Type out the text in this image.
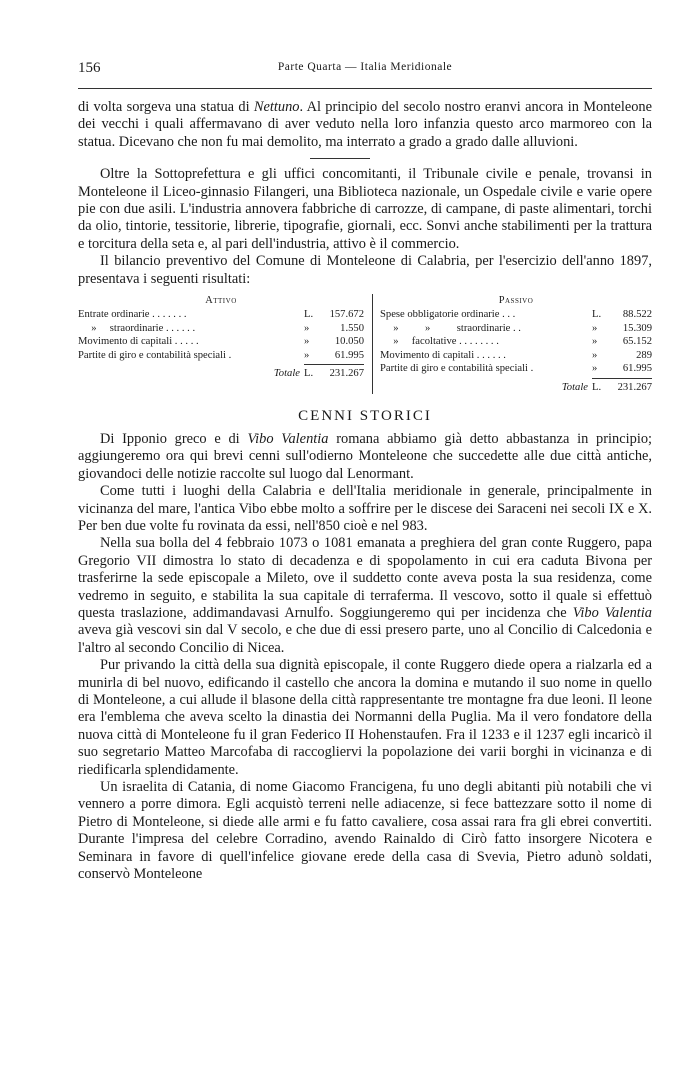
156	Parte Quarta — Italia Meridionale

di volta sorgeva una statua di Nettuno. Al principio del secolo nostro eranvi ancora in Monteleone dei vecchi i quali affermavano di aver veduto nella loro infanzia questo arco marmoreo con la statua. Dicevano che non fu mai demolito, ma interrato a grado a grado dalle alluvioni.

Oltre la Sottoprefettura e gli uffici concomitanti, il Tribunale civile e penale, trovansi in Monteleone il Liceo-ginnasio Filangeri, una Biblioteca nazionale, un Ospedale civile e varie opere pie con due asili. L'industria annovera fabbriche di carrozze, di campane, di paste alimentari, torchi da olio, tintorie, tessitorie, librerie, tipografie, giornali, ecc. Sonvi anche stabilimenti per la trattura e torcitura della seta e, al pari dell'industria, attivo è il commercio.

Il bilancio preventivo del Comune di Monteleone di Calabria, per l'esercizio dell'anno 1897, presentava i seguenti risultati:

Attivo
Entrate ordinarie . . . . . . .	L.	157.672
»     straordinarie . . . . . .	»	1.550
Movimento di capitali . . . . .	»	10.050
Partite di giro e contabilità speciali .	»	61.995
Totale L.	231.267
Passivo
Spese obbligatorie ordinarie . . .	L.	88.522
»          »          straordinarie . .	»	15.309
»     facoltative . . . . . . . .	»	65.152
Movimento di capitali . . . . . .	»	289
Partite di giro e contabilità speciali .	»	61.995
Totale L.	231.267
CENNI STORICI

Di Ipponio greco e di Vibo Valentia romana abbiamo già detto abbastanza in principio; aggiungeremo ora qui brevi cenni sull'odierno Monteleone che succedette alle due città antiche, giovandoci delle notizie raccolte sul luogo dal Lenormant.

Come tutti i luoghi della Calabria e dell'Italia meridionale in generale, principalmente in vicinanza del mare, l'antica Vibo ebbe molto a soffrire per le discese dei Saraceni nei secoli IX e X. Per ben due volte fu rovinata da essi, nell'850 cioè e nel 983.

Nella sua bolla del 4 febbraio 1073 o 1081 emanata a preghiera del gran conte Ruggero, papa Gregorio VII dimostra lo stato di decadenza e di spopolamento in cui era caduta Bivona per trasferirne la sede episcopale a Mileto, ove il suddetto conte aveva posta la sua residenza, come vedremo in seguito, e stabilita la sua capitale di terraferma. Il vescovo, sotto il quale si effettuò questa traslazione, addimandavasi Arnulfo. Soggiungeremo qui per incidenza che Vibo Valentia aveva già vescovi sin dal V secolo, e che due di essi presero parte, uno al Concilio di Calcedonia e l'altro al secondo Concilio di Nicea.

Pur privando la città della sua dignità episcopale, il conte Ruggero diede opera a rialzarla ed a munirla di bel nuovo, edificando il castello che ancora la domina e mutando il suo nome in quello di Monteleone, a cui allude il blasone della città rappresentante tre montagne fra due leoni. Il leone era l'emblema che aveva scelto la dinastia dei Normanni della Puglia. Ma il vero fondatore della nuova città di Monteleone fu il gran Federico II Hohenstaufen. Fra il 1233 e il 1237 egli incaricò il suo segretario Matteo Marcofaba di raccogliervi la popolazione dei varii borghi in vicinanza e di riedificarla splendidamente.

Un israelita di Catania, di nome Giacomo Francigena, fu uno degli abitanti più notabili che vi vennero a porre dimora. Egli acquistò terreni nelle adiacenze, si fece battezzare sotto il nome di Pietro di Monteleone, si diede alle armi e fu fatto cavaliere, cosa assai rara fra gli ebrei convertiti. Durante l'impresa del celebre Corradino, avendo Rainaldo di Cirò fatto insorgere Nicotera e Seminara in favore di quell'infelice giovane erede della casa di Svevia, Pietro adunò soldati, conservò Monteleone
